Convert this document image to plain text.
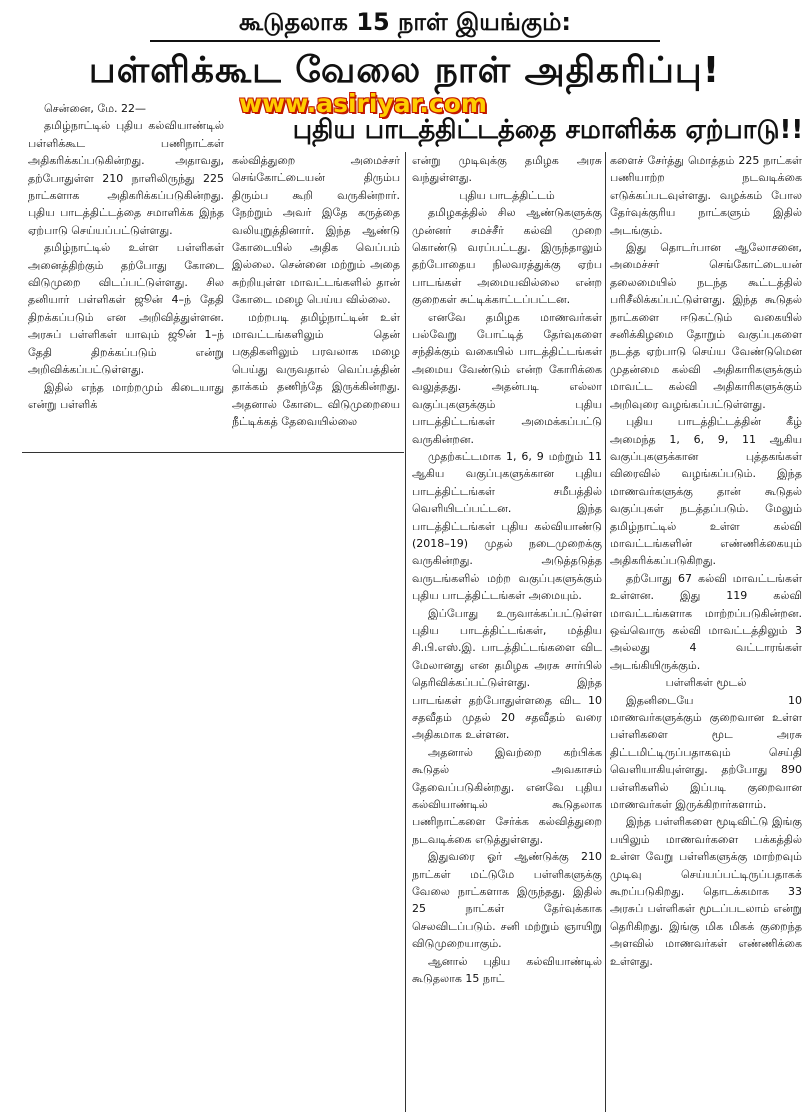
கூடுதலாக 15 நாள் இயங்கும்:
பள்ளிக்கூட வேலை நாள் அதிகரிப்பு!
புதிய பாடத்திட்டத்தை சமாளிக்க ஏற்பாடு!!
www.asiriyar.com

சென்னை, மே. 22—

தமிழ்நாட்டில் புதிய கல்வியாண்டில் பள்ளிக்கூட பணிநாட்கள் அதிகரிக்கப்படுகின்றது. அதாவது, தற்போதுள்ள 210 நாளிலிருந்து 225 நாட்களாக அதிகரிக்கப்படுகின்றது. புதிய பாடத்திட்டத்தை சமாளிக்க இந்த ஏற்பாடு செய்யப்பட்டுள்ளது.

தமிழ்நாட்டில் உள்ள பள்ளிகள் அனைத்திற்கும் தற்போது கோடை விடுமுறை விடப்பட்டுள்ளது. சில தனியார் பள்ளிகள் ஜூன் 4–ந் தேதி திறக்கப்படும் என அறிவித்துள்ளன. அரசுப் பள்ளிகள் யாவும் ஜூன் 1–ந் தேதி திறக்கப்படும் என்று அறிவிக்கப்பட்டுள்ளது.

இதில் எந்த மாற்றமும் கிடையாது என்று பள்ளிக்

கல்வித்துறை அமைச்சர் செங்கோட்டையன் திரும்ப திரும்ப கூறி வருகின்றார். நேற்றும் அவர் இதே கருத்தை வலியுறுத்தினார். இந்த ஆண்டு கோடையில் அதிக வெப்பம் இல்லை. சென்னை மற்றும் அதை சுற்றியுள்ள மாவட்டங்களில் தான் கோடை மழை பெய்ய வில்லை.

மற்றபடி தமிழ்நாட்டின் உள் மாவட்டங்களிலும் தென் பகுதிகளிலும் பரவலாக மழை பெய்து வருவதால் வெப்பத்தின் தாக்கம் தணிந்தே இருக்கின்றது. அதனால் கோடை விடுமுறையை நீட்டிக்கத் தேவையில்லை

என்று முடிவுக்கு தமிழக அரசு வந்துள்ளது.

புதிய பாடத்திட்டம்

தமிழகத்தில் சில ஆண்டுகளுக்கு முன்னர் சமச்சீர் கல்வி முறை கொண்டு வரப்பட்டது. இருந்தாலும் தற்போதைய நிலவரத்துக்கு ஏற்ப பாடங்கள் அமையவில்லை என்ற குறைகள் சுட்டிக்காட்டப்பட்டன.

எனவே தமிழக மாணவர்கள் பல்வேறு போட்டித் தேர்வுகளை சந்திக்கும் வகையில் பாடத்திட்டங்கள் அமைய வேண்டும் என்ற கோரிக்கை வலுத்தது. அதன்படி எல்லா வகுப்புகளுக்கும் புதிய பாடத்திட்டங்கள் அமைக்கப்பட்டு வருகின்றன.

முதற்கட்டமாக 1, 6, 9 மற்றும் 11 ஆகிய வகுப்புகளுக்கான புதிய பாடத்திட்டங்கள் சமீபத்தில் வெளியிடப்பட்டன. இந்த பாடத்திட்டங்கள் புதிய கல்வியாண்டு (2018–19) முதல் நடைமுறைக்கு வருகின்றது. அடுத்தடுத்த வருடங்களில் மற்ற வகுப்புகளுக்கும் புதிய பாடத்திட்டங்கள் அமையும்.

இப்போது உருவாக்கப்பட்டுள்ள புதிய பாடத்திட்டங்கள், மத்திய சி.பி.எஸ்.இ. பாடத்திட்டங்களை விட மேலானது என தமிழக அரசு சார்பில் தெரிவிக்கப்பட்டுள்ளது. இந்த பாடங்கள் தற்போதுள்ளதை விட 10 சதவீதம் முதல் 20 சதவீதம் வரை அதிகமாக உள்ளன.

அதனால் இவற்றை கற்பிக்க கூடுதல் அவகாசம் தேவைப்படுகின்றது. எனவே புதிய கல்வியாண்டில் கூடுதலாக பணிநாட்களை சேர்க்க கல்வித்துறை நடவடிக்கை எடுத்துள்ளது.

இதுவரை ஓர் ஆண்டுக்கு 210 நாட்கள் மட்டுமே பள்ளிகளுக்கு வேலை நாட்களாக இருந்தது. இதில் 25 நாட்கள் தேர்வுக்காக செலவிடப்படும். சனி மற்றும் ஞாயிறு விடுமுறையாகும்.

ஆனால் புதிய கல்வியாண்டில் கூடுதலாக 15 நாட்

களைச் சேர்த்து மொத்தம் 225 நாட்கள் பணியாற்ற நடவடிக்கை எடுக்கப்படவுள்ளது. வழக்கம் போல தேர்வுக்குரிய நாட்களும் இதில் அடங்கும்.

இது தொடர்பான ஆலோசனை, அமைச்சர் செங்கோட்டையன் தலைமையில் நடந்த கூட்டத்தில் பரிசீலிக்கப்பட்டுள்ளது. இந்த கூடுதல் நாட்களை ஈடுகட்டும் வகையில் சனிக்கிழமை தோறும் வகுப்புகளை நடத்த ஏற்பாடு செய்ய வேண்டுமென முதன்மை கல்வி அதிகாரிகளுக்கும் மாவட்ட கல்வி அதிகாரிகளுக்கும் அறிவுரை வழங்கப்பட்டுள்ளது.

புதிய பாடத்திட்டத்தின் கீழ் அமைந்த 1, 6, 9, 11 ஆகிய வகுப்புகளுக்கான புத்தகங்கள் விரைவில் வழங்கப்படும். இந்த மாணவர்களுக்கு தான் கூடுதல் வகுப்புகள் நடத்தப்படும். மேலும் தமிழ்நாட்டில் உள்ள கல்வி மாவட்டங்களின் எண்ணிக்கையும் அதிகரிக்கப்படுகிறது.

தற்போது 67 கல்வி மாவட்டங்கள் உள்ளன. இது 119 கல்வி மாவட்டங்களாக மாற்றப்படுகின்றன. ஒவ்வொரு கல்வி மாவட்டத்திலும் 3 அல்லது 4 வட்டாரங்கள் அடங்கியிருக்கும்.

பள்ளிகள் மூடல்

இதனிடையே 10 மாணவர்களுக்கும் குறைவான உள்ள பள்ளிகளை மூட அரசு திட்டமிட்டிருப்பதாகவும் செய்தி வெளியாகியுள்ளது. தற்போது 890 பள்ளிகளில் இப்படி குறைவான மாணவர்கள் இருக்கிறார்களாம்.

இந்த பள்ளிகளை மூடிவிட்டு இங்கு பயிலும் மாணவர்களை பக்கத்தில் உள்ள வேறு பள்ளிகளுக்கு மாற்றவும் முடிவு செய்யப்பட்டிருப்பதாகக் கூறப்படுகிறது. தொடக்கமாக 33 அரசுப் பள்ளிகள் மூடப்படலாம் என்று தெரிகிறது. இங்கு மிக மிகக் குறைந்த அளவில் மாணவர்கள் எண்ணிக்கை உள்ளது.
